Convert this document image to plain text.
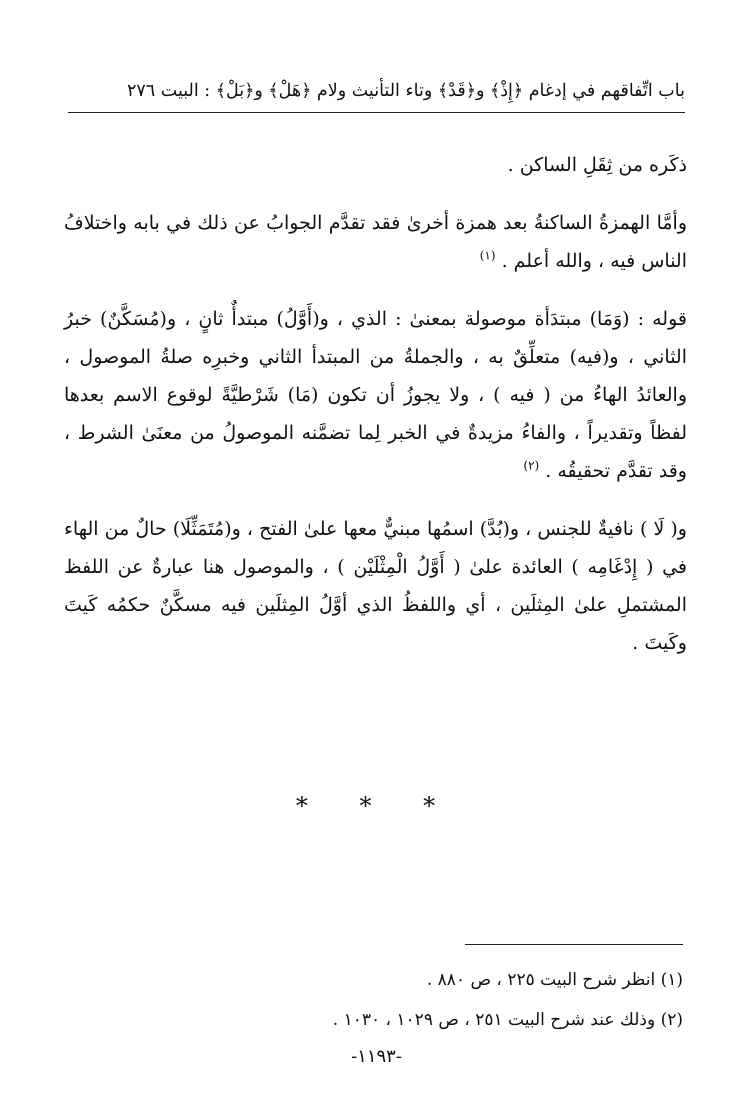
باب اتِّفاقهم في إدغام ﴿إِذْ﴾ و﴿قَدْ﴾ وتاء التأنيث ولام ﴿هَلْ﴾ و﴿بَلْ﴾ : البيت ٢٧٦

ذكَره من ثِقَلِ الساكن .

وأمَّا الهمزةُ الساكنةُ بعد همزة أخرىٰ فقد تقدَّم الجوابُ عن ذلك في بابه واختلافُ الناس فيه ، والله أعلم . $^{(١)}$

قوله : (وَمَا) مبتدَأة موصولة بمعنىٰ : الذي ، و(أَوَّلُ) مبتدأٌ ثانٍ ، و(مُسَكَّنٌ) خبرُ الثاني ، و(فيه) متعلِّقٌ به ، والجملةُ من المبتدأ الثاني وخبرِه صلةُ الموصول ، والعائدُ الهاءُ من ( فيه ) ، ولا يجوزُ أن تكون (مَا) شَرْطيَّةً لوقوع الاسم بعدها لفظاً وتقديراً ، والفاءُ مزيدةٌ في الخبر لِما تضمَّنه الموصولُ من معنَىٰ الشرط ، وقد تقدَّم تحقيقُه . $^{(٢)}$

و( لَا ) نافيةٌ للجنس ، و(بُدَّ) اسمُها مبنيٌّ معها علىٰ الفتح ، و(مُتَمَثِّلَا) حالٌ من الهاء في ( إِدْغَامِه ) العائدة علىٰ ( أَوَّلُ الْمِثْلَيْن ) ، والموصول هنا عبارةٌ عن اللفظ المشتملِ علىٰ المِثلَين ، أي واللفظُ الذي أوَّلُ المِثلَين فيه مسكَّنٌ حكمُه كَيتَ وكَيتَ .

* * *

(١) انظر شرح البيت ٢٢٥ ، ص ٨٨٠ .

(٢) وذلك عند شرح البيت ٢٥١ ، ص ١٠٢٩ ، ١٠٣٠ .

-١١٩٣-
